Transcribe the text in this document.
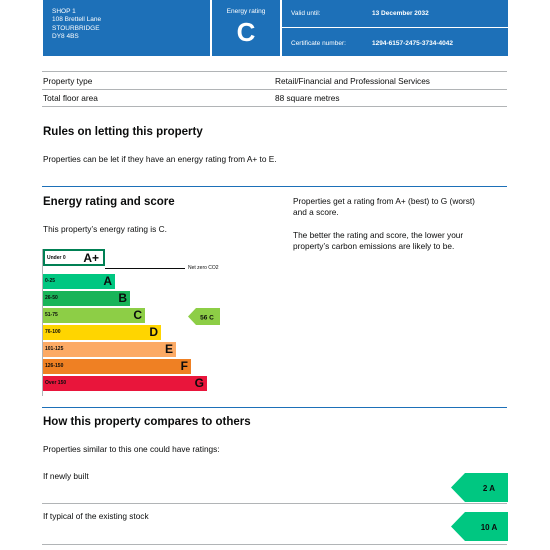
SHOP 1
108 Brettell Lane
STOURBRIDGE
DY8 4BS
Energy rating
C
Valid until:	13 December 2032
Certificate number:	1294-6157-2475-3734-4042
Property type	Retail/Financial and Professional Services
Total floor area	88 square metres
Rules on letting this property
Properties can be let if they have an energy rating from A+ to E.
Energy rating and score
This property’s energy rating is C.
Properties get a rating from A+ (best) to G (worst)
and a score.
The better the rating and score, the lower your
property’s carbon emissions are likely to be.
Under 0 A+
Net zero CO2
0-25	A
26-50	B
51-75	C
76-100	D
101-125	E
126-150	F
Over 150	G
56 C
How this property compares to others
Properties similar to this one could have ratings:
If newly built
2 A
If typical of the existing stock
10 A
